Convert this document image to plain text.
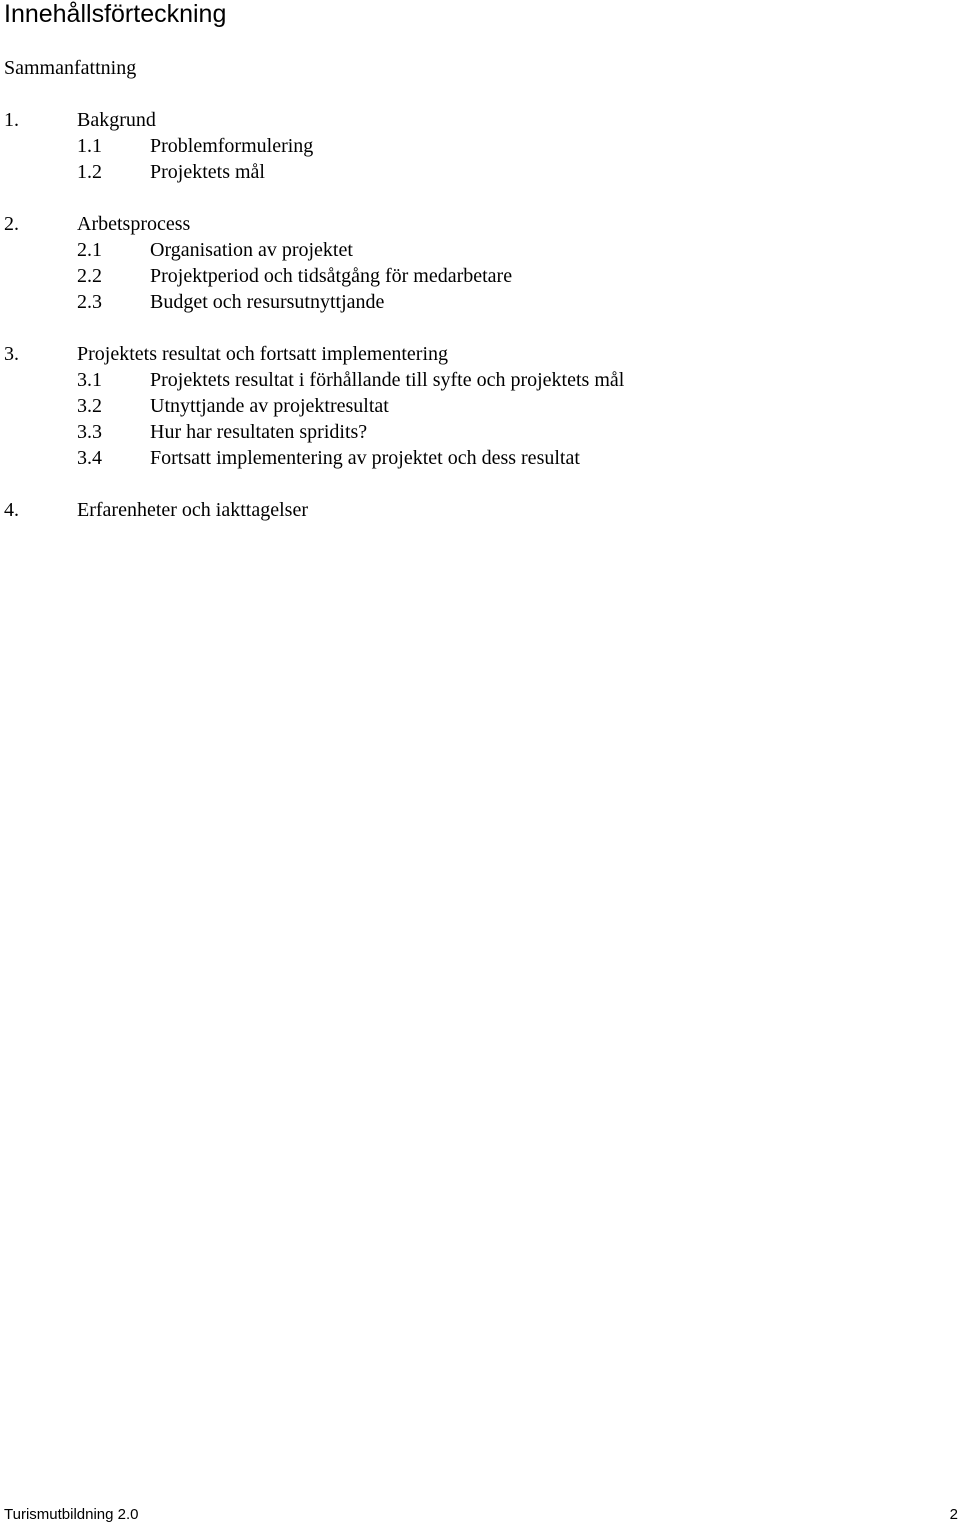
Innehållsförteckning
Sammanfattning
1.	Bakgrund
1.1 Problemformulering
1.2 Projektets mål
2.	Arbetsprocess
2.1 Organisation av projektet
2.2 Projektperiod och tidsåtgång för medarbetare
2.3 Budget och resursutnyttjande
3.	Projektets resultat och fortsatt implementering
3.1 Projektets resultat i förhållande till syfte och projektets mål
3.2 Utnyttjande av projektresultat
3.3 Hur har resultaten spridits?
3.4 Fortsatt implementering av projektet och dess resultat
4.	Erfarenheter och iakttagelser
Turismutbildning 2.0	2
